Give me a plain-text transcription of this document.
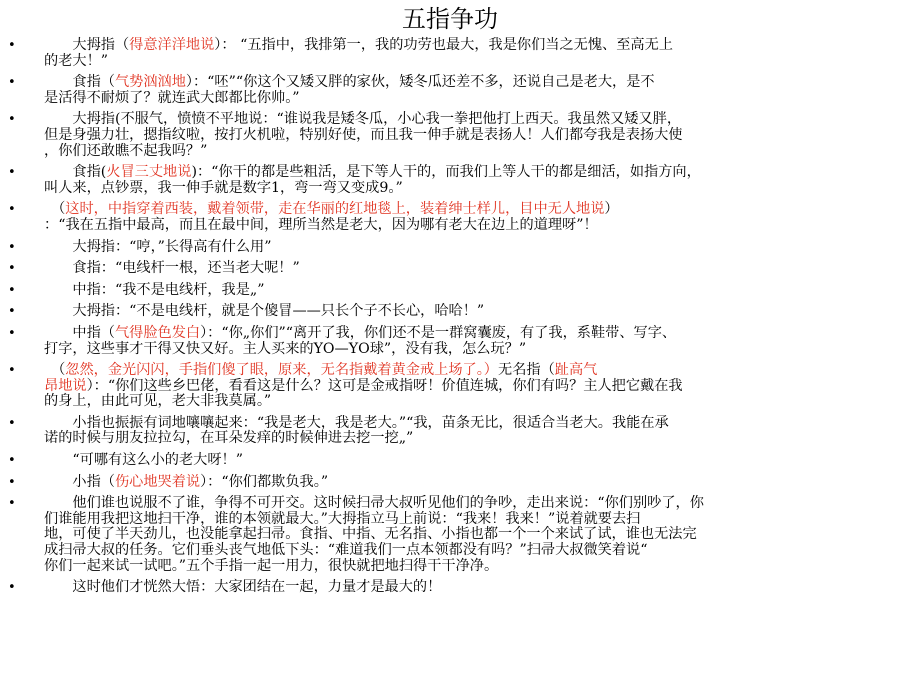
五指争功
• 　　大拇指（得意洋洋地说）： “五指中，我排第一，我的功劳也最大，我是你们当之无愧、至高无上
的老大！”
• 　　食指（气势汹汹地）：“呸”“你这个又矮又胖的家伙，矮冬瓜还差不多，还说自己是老大，是不
是活得不耐烦了？就连武大郎都比你帅。”
• 　　大拇指(不服气，愤愤不平地说：“谁说我是矮冬瓜，小心我一拳把他打上西天。我虽然又矮又胖，
但是身强力壮，摁指纹啦，按打火机啦，特别好使，而且我一伸手就是表扬人！人们都夸我是表扬大使
，你们还敢瞧不起我吗？”
• 　　食指(火冒三丈地说)：“你干的都是些粗活，是下等人干的，而我们上等人干的都是细活，如指方向，
叫人来，点钞票，我一伸手就是数字1，弯一弯又变成9。”
• 　（这时，中指穿着西装，戴着领带，走在华丽的红地毯上，装着绅士样儿，目中无人地说）
：“我在五指中最高，而且在最中间，理所当然是老大，因为哪有老大在边上的道理呀”！
• 　　大拇指：“哼，”长得高有什么用”
• 　　食指：“电线杆一根，还当老大呢！”
• 　　中指：“我不是电线杆，我是„”
• 　　大拇指：“不是电线杆，就是个傻冒——只长个子不长心，哈哈！”
• 　　中指（气得脸色发白）：“你„你们”“离开了我，你们还不是一群窝囊废，有了我，系鞋带、写字、
打字，这些事才干得又快又好。主人买来的YO—YO球”，没有我，怎么玩？”
• 　（忽然，金光闪闪，手指们傻了眼，原来，无名指戴着黄金戒上场了。）无名指（趾高气
昂地说）：“你们这些乡巴佬，看看这是什么？这可是金戒指呀！价值连城，你们有吗？主人把它戴在我
的身上，由此可见，老大非我莫属。”
• 　　小指也振振有词地嚷嚷起来：“我是老大，我是老大。”“我，苗条无比，很适合当老大。我能在承
诺的时候与朋友拉拉勾，在耳朵发痒的时候伸进去挖一挖„”
• 　　“可哪有这么小的老大呀！”
• 　　小指（伤心地哭着说）：“你们都欺负我。”
• 　　他们谁也说服不了谁，争得不可开交。这时候扫帚大叔听见他们的争吵，走出来说：“你们别吵了，你
们谁能用我把这地扫干净，谁的本领就最大。”大拇指立马上前说：“我来！我来！”说着就要去扫
地，可使了半天劲儿，也没能拿起扫帚。食指、中指、无名指、小指也都一个一个来试了试，谁也无法完
成扫帚大叔的任务。它们垂头丧气地低下头：“难道我们一点本领都没有吗？”扫帚大叔微笑着说“
你们一起来试一试吧。”五个手指一起一用力，很快就把地扫得干干净净。
• 　　这时他们才恍然大悟：大家团结在一起，力量才是最大的！
